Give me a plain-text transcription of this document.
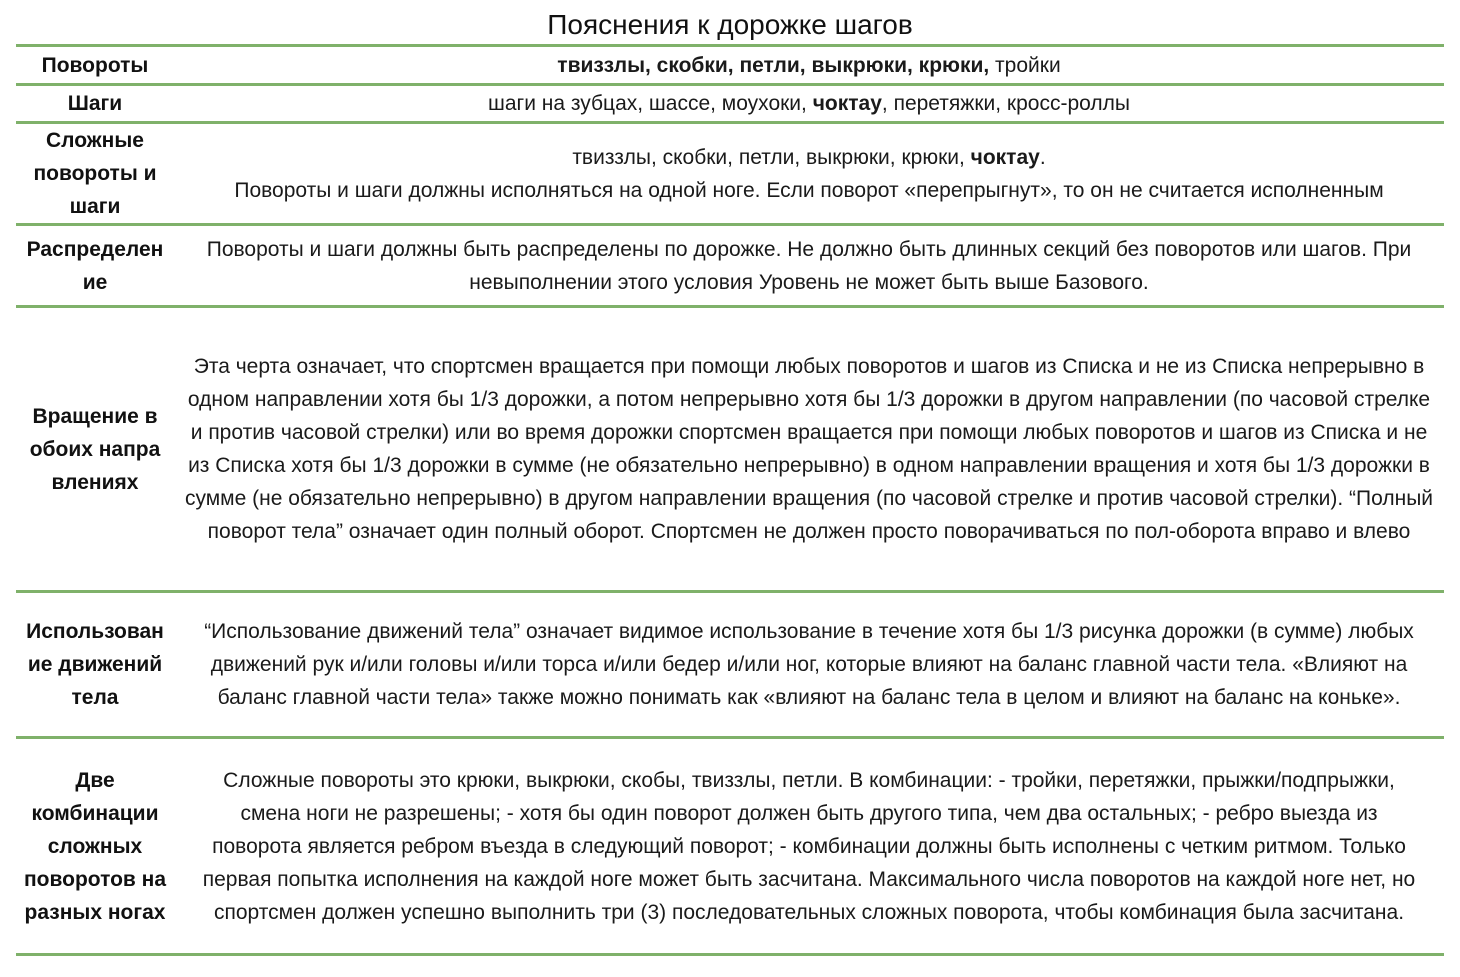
Пояснения к дорожке шагов
Повороты	твиззлы, скобки, петли, выкрюки, крюки, тройки

Шаги	шаги на зубцах, шассе, моухоки, чоктау, перетяжки, кросс-роллы

Сложные повороты и шаги

твиззлы, скобки, петли, выкрюки, крюки, чоктау.

Повороты и шаги должны исполняться на одной ноге. Если поворот «перепрыгнут», то он не считается исполненным

Распределение

Повороты и шаги должны быть распределены по дорожке. Не должно быть длинных секций без поворотов или шагов. При невыполнении этого условия Уровень не может быть выше Базового.

Вращение в обоих направлениях

Эта черта означает, что спортсмен вращается при помощи любых поворотов и шагов из Списка и не из Списка непрерывно в одном направлении хотя бы 1/3 дорожки, а потом непрерывно хотя бы 1/3 дорожки в другом направлении (по часовой стрелке и против часовой стрелки) или во время дорожки спортсмен вращается при помощи любых поворотов и шагов из Списка и не из Списка хотя бы 1/3 дорожки в сумме (не обязательно непрерывно) в одном направлении вращения и хотя бы 1/3 дорожки в сумме (не обязательно непрерывно) в другом направлении вращения (по часовой стрелке и против часовой стрелки). “Полный поворот тела” означает один полный оборот. Спортсмен не должен просто поворачиваться по пол-оборота вправо и влево

Использование движений тела

“Использование движений тела” означает видимое использование в течение хотя бы 1/3 рисунка дорожки (в сумме) любых движений рук и/или головы и/или торса и/или бедер и/или ног, которые влияют на баланс главной части тела. «Влияют на баланс главной части тела» также можно понимать как «влияют на баланс тела в целом и влияют на баланс на коньке».

Две комбинации сложных поворотов на разных ногах

Сложные повороты это крюки, выкрюки, скобы, твиззлы, петли. В комбинации: - тройки, перетяжки, прыжки/подпрыжки, смена ноги не разрешены; - хотя бы один поворот должен быть другого типа, чем два остальных; - ребро выезда из поворота является ребром въезда в следующий поворот; - комбинации должны быть исполнены с четким ритмом. Только первая попытка исполнения на каждой ноге может быть засчитана. Максимального числа поворотов на каждой ноге нет, но спортсмен должен успешно выполнить три (3) последовательных сложных поворота, чтобы комбинация была засчитана.
